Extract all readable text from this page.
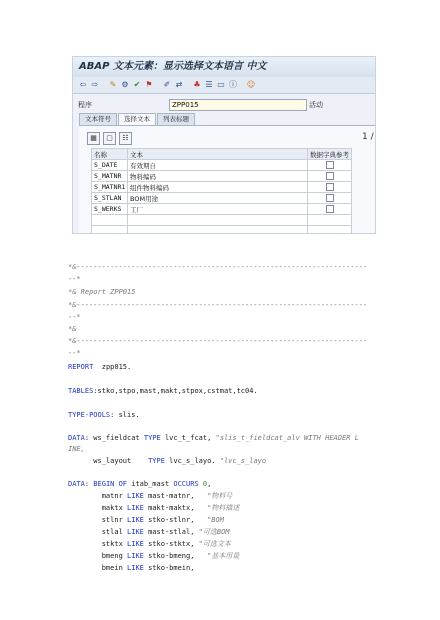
ABAP 文本元素：显示选择文本语言 中文
⇦ ⇨ ✎ ⚙ ✔ ⚑ ✐ ⇄ ♣ ☰ ▭ ⓘ ☺
程序	ZPP015	活动
文本符号	选择文本	列表标题
▦	▢	☷	1 /
名称	文本	数据字典参考
S_DATE	有效期自	
S_MATNR	物料编码	
S_MATNR1	组件物料编码	
S_STLAN	BOM用途	
S_WERKS	工厂	

*&---------------------------------------------------------------------
--*
*& Report ZPP015
*&---------------------------------------------------------------------
--*
*&
*&---------------------------------------------------------------------
--*
REPORT  zpp015.
TABLES:stko,stpo,mast,makt,stpox,cstmat,tc04.
TYPE-POOLS: slis.
DATA: ws_fieldcat TYPE lvc_t_fcat, "slis_t_fieldcat_alv WITH HEADER L
INE,
ws_layout    TYPE lvc_s_layo. "lvc_s_layo
DATA: BEGIN OF itab_mast OCCURS 0,
matnr LIKE mast-matnr,   "物料号
maktx LIKE makt-maktx,   "物料描述
stlnr LIKE stko-stlnr,   "BOM
stlal LIKE mast-stlal, "可选BOM
stktx LIKE stko-stktx, "可选文本
bmeng LIKE stko-bmeng,   "基本用量
bmein LIKE stko-bmein,
